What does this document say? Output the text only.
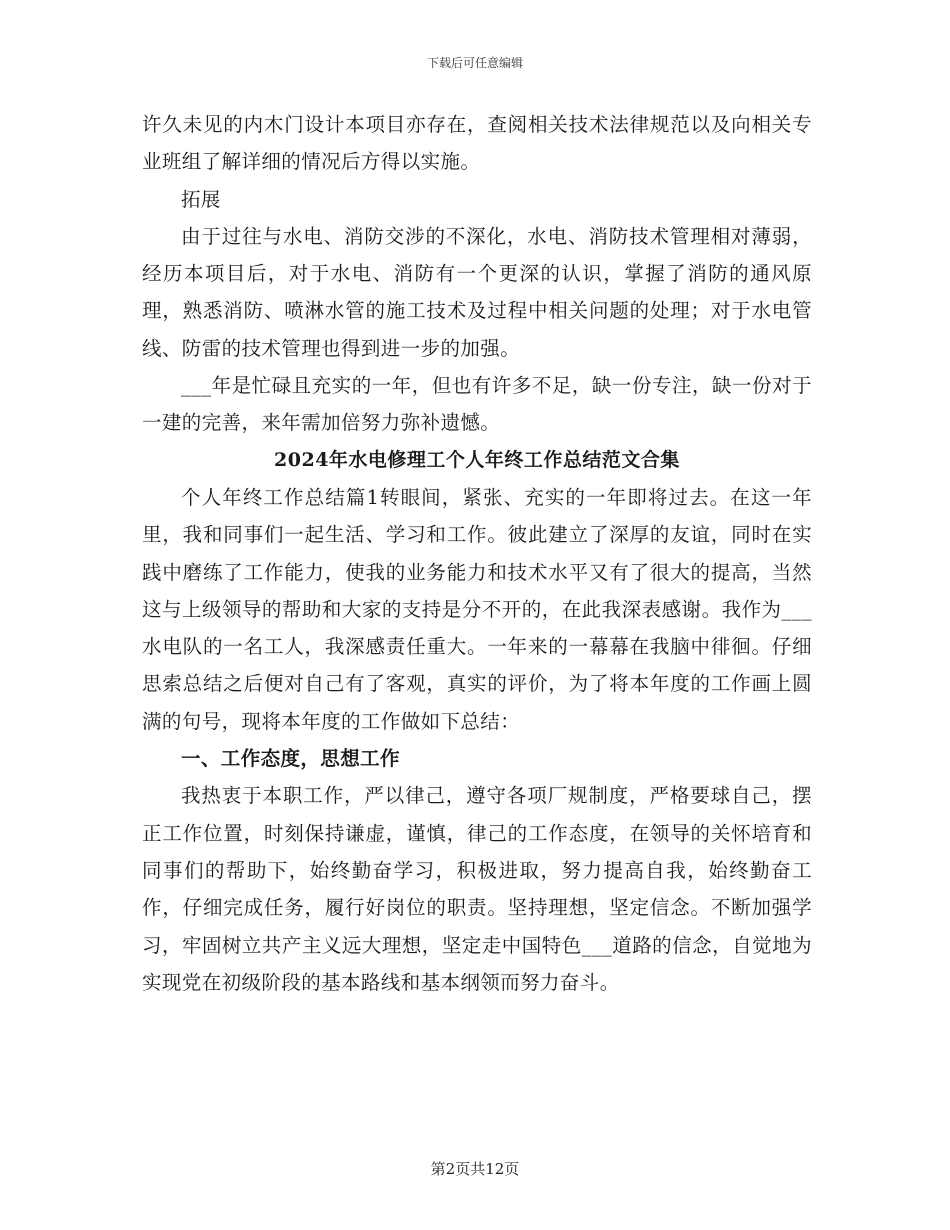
下载后可任意编辑

许久未见的内木门设计本项目亦存在，查阅相关技术法律规范以及向相关专业班组了解详细的情况后方得以实施。

拓展

由于过往与水电、消防交涉的不深化，水电、消防技术管理相对薄弱，经历本项目后，对于水电、消防有一个更深的认识，掌握了消防的通风原理，熟悉消防、喷淋水管的施工技术及过程中相关问题的处理；对于水电管线、防雷的技术管理也得到进一步的加强。

___年是忙碌且充实的一年，但也有许多不足，缺一份专注，缺一份对于一建的完善，来年需加倍努力弥补遗憾。

2024年水电修理工个人年终工作总结范文合集

个人年终工作总结篇1转眼间，紧张、充实的一年即将过去。在这一年里，我和同事们一起生活、学习和工作。彼此建立了深厚的友谊，同时在实践中磨练了工作能力，使我的业务能力和技术水平又有了很大的提高，当然这与上级领导的帮助和大家的支持是分不开的，在此我深表感谢。我作为___水电队的一名工人，我深感责任重大。一年来的一幕幕在我脑中徘徊。仔细思索总结之后便对自己有了客观，真实的评价，为了将本年度的工作画上圆满的句号，现将本年度的工作做如下总结：

一、工作态度，思想工作

我热衷于本职工作，严以律己，遵守各项厂规制度，严格要球自己，摆正工作位置，时刻保持谦虚，谨慎，律己的工作态度，在领导的关怀培育和同事们的帮助下，始终勤奋学习，积极进取，努力提高自我，始终勤奋工作，仔细完成任务，履行好岗位的职责。坚持理想，坚定信念。不断加强学习，牢固树立共产主义远大理想，坚定走中国特色___道路的信念，自觉地为实现党在初级阶段的基本路线和基本纲领而努力奋斗。

第2页共12页
